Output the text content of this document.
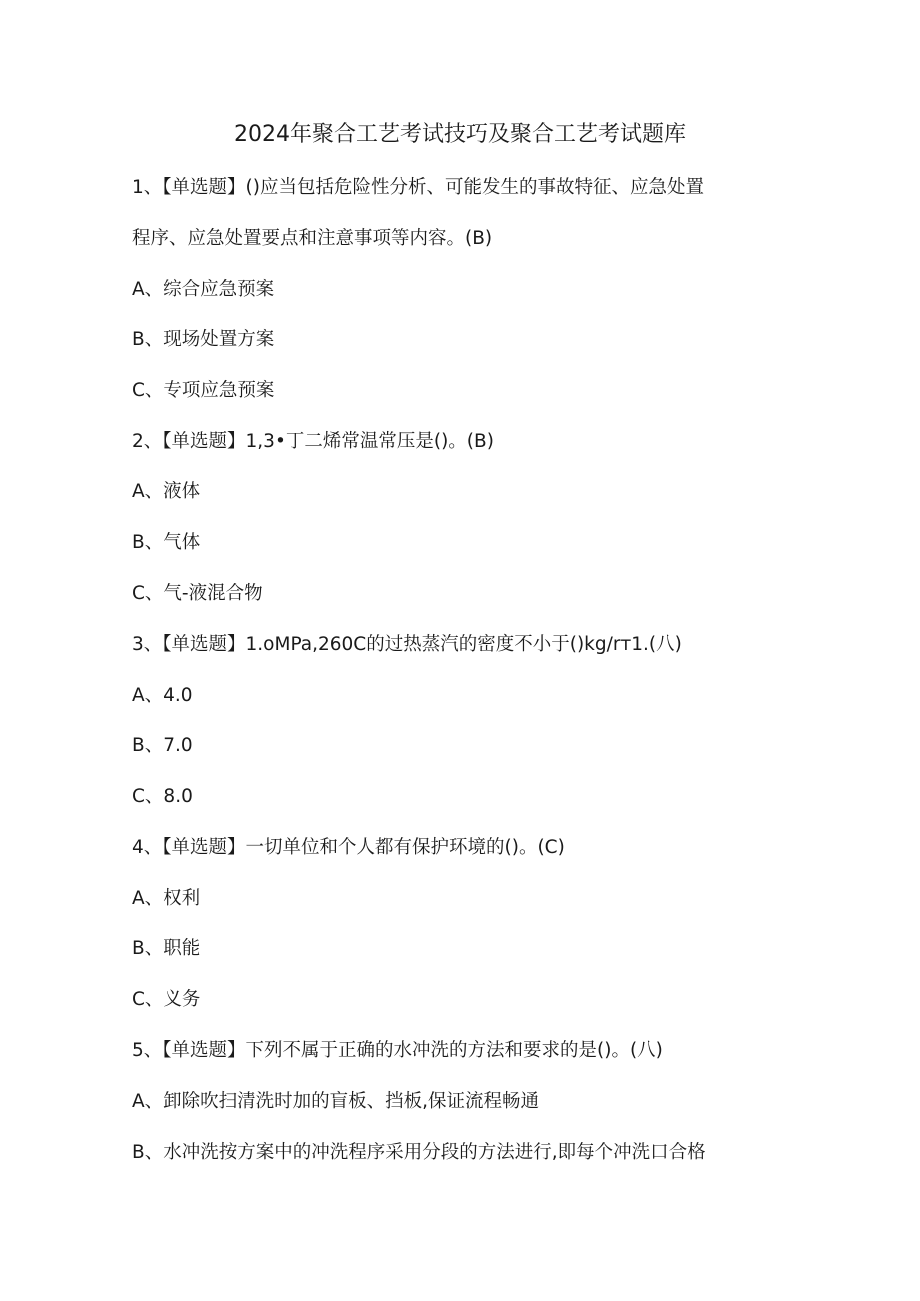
2024年聚合工艺考试技巧及聚合工艺考试题库
1、【单选题】()应当包括危险性分析、可能发生的事故特征、应急处置
程序、应急处置要点和注意事项等内容。(B)
A、综合应急预案
B、现场处置方案
C、专项应急预案
2、【单选题】1,3•丁二烯常温常压是()。(B)
A、液体
B、气体
C、气-液混合物
3、【单选题】1.oMPa,260C的过热蒸汽的密度不小于()kg∕rт1.(八)
A、4.0
B、7.0
C、8.0
4、【单选题】一切单位和个人都有保护环境的()。(C)
A、权利
B、职能
C、义务
5、【单选题】下列不属于正确的水冲洗的方法和要求的是()。(八)
A、卸除吹扫清洗时加的盲板、挡板,保证流程畅通
B、水冲洗按方案中的冲洗程序采用分段的方法进行,即每个冲洗口合格
